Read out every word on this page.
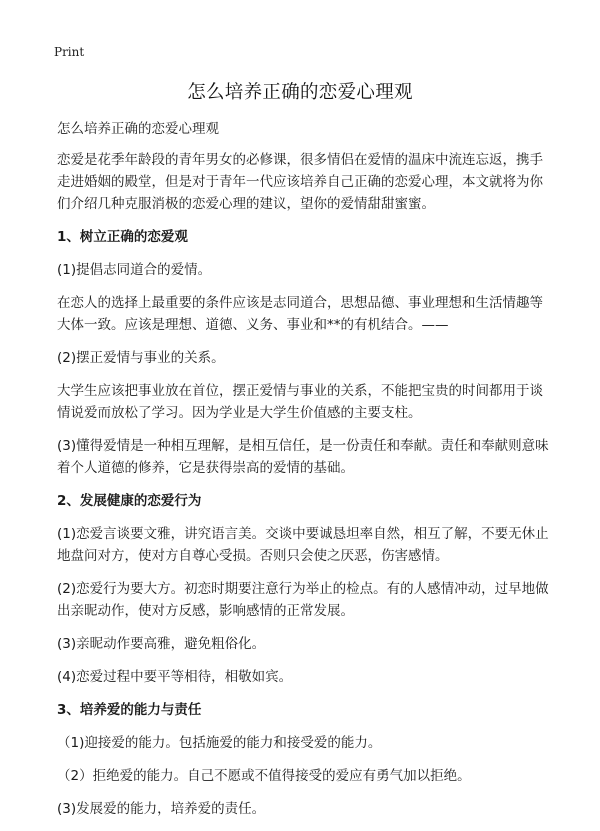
Print
怎么培养正确的恋爱心理观

怎么培养正确的恋爱心理观

恋爱是花季年龄段的青年男女的必修课，很多情侣在爱情的温床中流连忘返，携手走进婚姻的殿堂，但是对于青年一代应该培养自己正确的恋爱心理，本文就将为你们介绍几种克服消极的恋爱心理的建议，望你的爱情甜甜蜜蜜。

1、树立正确的恋爱观

(1)提倡志同道合的爱情。

在恋人的选择上最重要的条件应该是志同道合，思想品德、事业理想和生活情趣等大体一致。应该是理想、道德、义务、事业和**的有机结合。——

(2)摆正爱情与事业的关系。

大学生应该把事业放在首位，摆正爱情与事业的关系，不能把宝贵的时间都用于谈情说爱而放松了学习。因为学业是大学生价值感的主要支柱。

(3)懂得爱情是一种相互理解，是相互信任，是一份责任和奉献。责任和奉献则意味着个人道德的修养，它是获得崇高的爱情的基础。

2、发展健康的恋爱行为

(1)恋爱言谈要文雅，讲究语言美。交谈中要诚恳坦率自然，相互了解，不要无休止地盘问对方，使对方自尊心受损。否则只会使之厌恶，伤害感情。

(2)恋爱行为要大方。初恋时期要注意行为举止的检点。有的人感情冲动，过早地做出亲昵动作，使对方反感，影响感情的正常发展。

(3)亲昵动作要高雅，避免粗俗化。

(4)恋爱过程中要平等相待，相敬如宾。

3、培养爱的能力与责任

（1)迎接爱的能力。包括施爱的能力和接受爱的能力。

（2）拒绝爱的能力。自己不愿或不值得接受的爱应有勇气加以拒绝。

(3)发展爱的能力，培养爱的责任。
